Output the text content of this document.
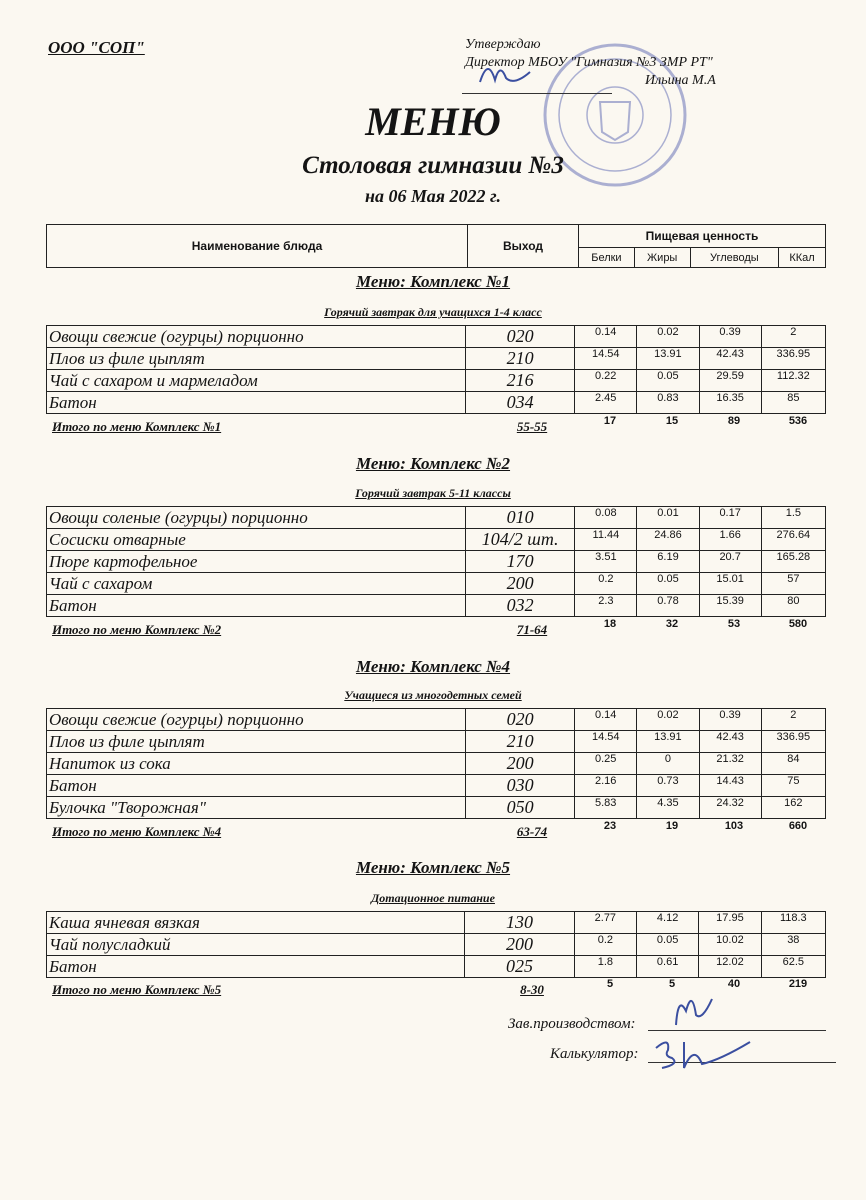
ООО "СОП"	Утверждаю
Директор МБОУ "Гимназия №3 ЗМР РТ"
Ильина М.А
МЕНЮ
Столовая гимназии №3
на 06 Мая 2022 г.
Наименование блюда	Выход	Пищевая ценность			
		Белки	Жиры	Углеводы	ККал
Меню: Комплекс №1
Горячий завтрак для учащихся 1-4 класс
Овощи свежие (огурцы) порционно	020	0.14	0.02	0.39	2
Плов из филе цыплят	210	14.54	13.91	42.43	336.95
Чай с сахаром и мармеладом	216	0.22	0.05	29.59	112.32
Батон	034	2.45	0.83	16.35	85
Итого по меню Комплекс №1	55-55	17	15	89	536
Меню: Комплекс №2
Горячий завтрак 5-11 классы
Овощи соленые (огурцы) порционно	010	0.08	0.01	0.17	1.5
Сосиски отварные	104/2 шт.	11.44	24.86	1.66	276.64
Пюре картофельное	170	3.51	6.19	20.7	165.28
Чай с сахаром	200	0.2	0.05	15.01	57
Батон	032	2.3	0.78	15.39	80
Итого по меню Комплекс №2	71-64	18	32	53	580
Меню: Комплекс №4
Учащиеся из многодетных семей
Овощи свежие (огурцы) порционно	020	0.14	0.02	0.39	2
Плов из филе цыплят	210	14.54	13.91	42.43	336.95
Напиток из сока	200	0.25	0	21.32	84
Батон	030	2.16	0.73	14.43	75
Булочка "Творожная"	050	5.83	4.35	24.32	162
Итого по меню Комплекс №4	63-74	23	19	103	660
Меню: Комплекс №5
Дотационное питание
Каша ячневая вязкая	130	2.77	4.12	17.95	118.3
Чай полусладкий	200	0.2	0.05	10.02	38
Батон	025	1.8	0.61	12.02	62.5
Итого по меню Комплекс №5	8-30	5	5	40	219
Зав.производством:
Калькулятор:
